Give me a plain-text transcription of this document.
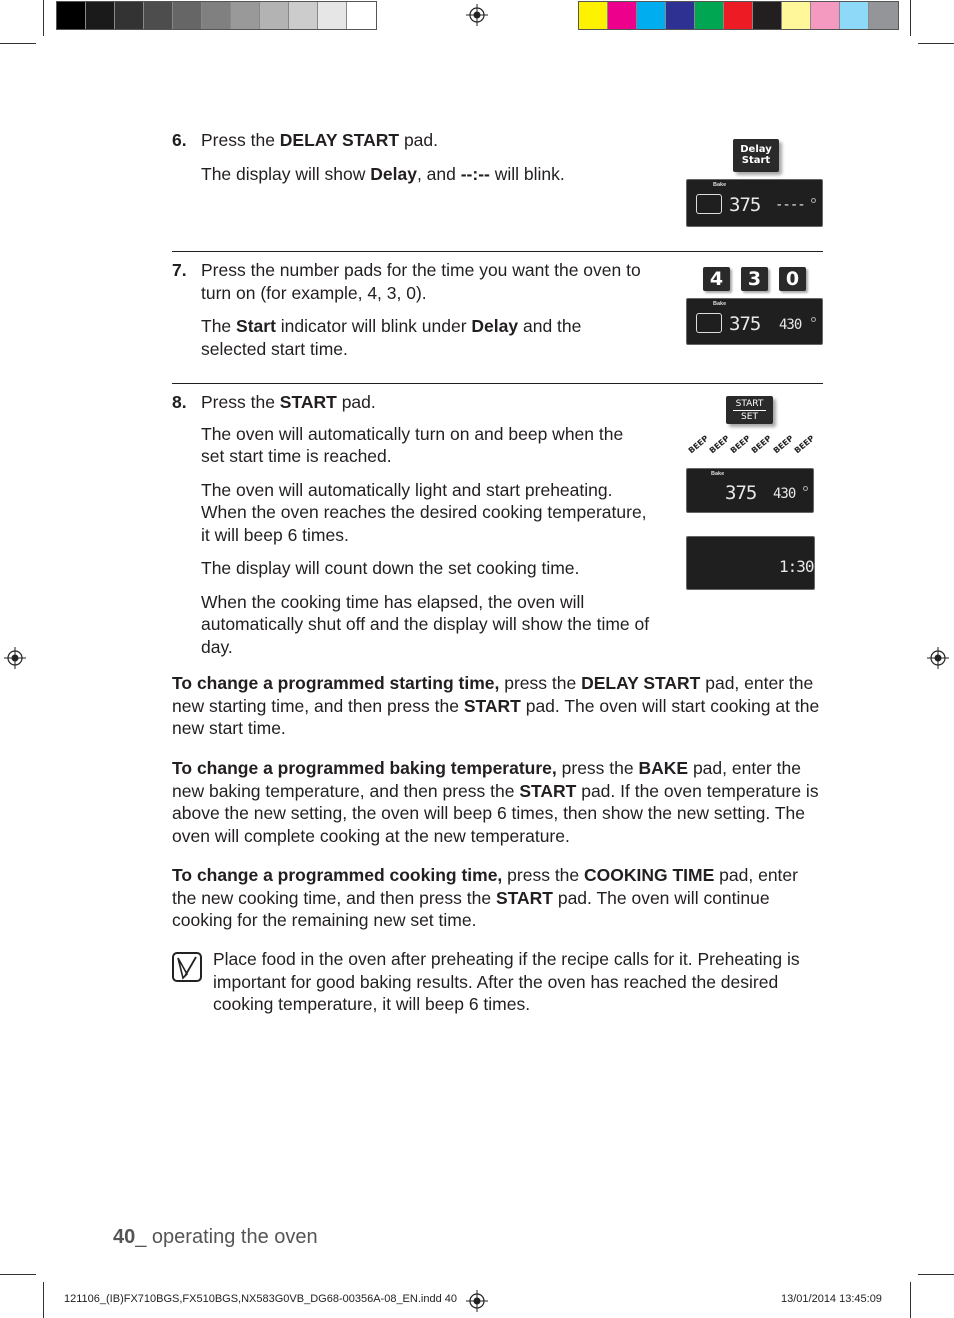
6. Press the DELAY START pad.

The display will show Delay, and --:-- will blink.

Delay
Start
Bake
375 ----
7. Press the number pads for the time you want the oven to turn on (for example, 4, 3, 0).

The Start indicator will blink under Delay and the selected start time.

4	3	0
Bake
375 430
8. Press the START pad.

The oven will automatically turn on and beep when the set start time is reached.

The oven will automatically light and start preheating. When the oven reaches the desired cooking temperature, it will beep 6 times.

The display will count down the set cooking time.

When the cooking time has elapsed, the oven will automatically shut off and the display will show the time of day.

START
SET
BEEP
BEEP
BEEP
BEEP
BEEP
BEEP
Bake
375 430
1:30

To change a programmed starting time, press the DELAY START pad, enter the new starting time, and then press the START pad. The oven will start cooking at the new start time.

To change a programmed baking temperature, press the BAKE pad, enter the new baking temperature, and then press the START pad. If the oven temperature is above the new setting, the oven will beep 6 times, then show the new setting. The oven will complete cooking at the new temperature.

To change a programmed cooking time, press the COOKING TIME pad, enter the new cooking time, and then press the START pad. The oven will continue cooking for the remaining new set time.

Place food in the oven after preheating if the recipe calls for it. Preheating is important for good baking results. After the oven has reached the desired cooking temperature, it will beep 6 times.

40_ operating the oven
121106_(IB)FX710BGS,FX510BGS,NX583G0VB_DG68-00356A-08_EN.indd 40	13/01/2014 13:45:09
